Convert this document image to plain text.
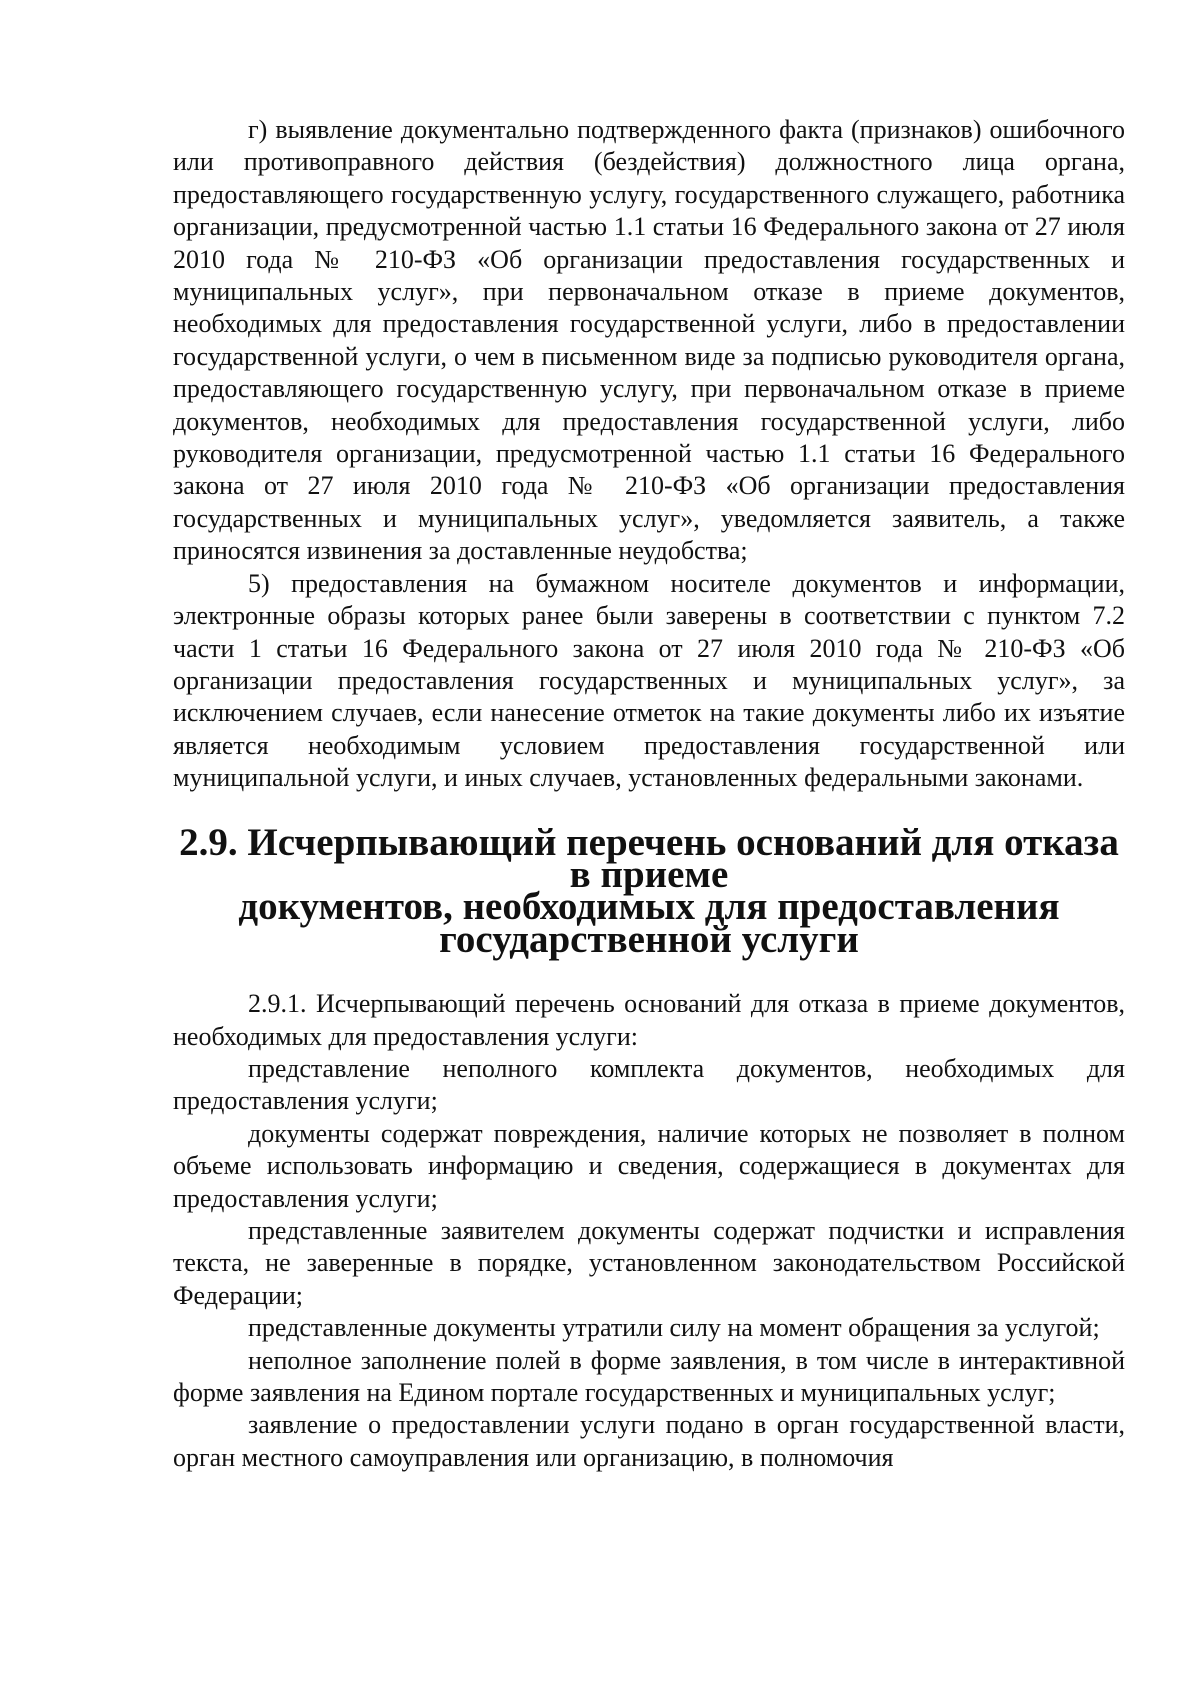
г) выявление документально подтвержденного факта (признаков) ошибочного или противоправного действия (бездействия) должностного лица органа, предоставляющего государственную услугу, государственного служащего, работника организации, предусмотренной частью 1.1 статьи 16 Федерального закона от 27 июля 2010 года № 210-ФЗ «Об организации предоставления государственных и муниципальных услуг», при первоначальном отказе в приеме документов, необходимых для предоставления государственной услуги, либо в предоставлении государственной услуги, о чем в письменном виде за подписью руководителя органа, предоставляющего государственную услугу, при первоначальном отказе в приеме документов, необходимых для предоставления государственной услуги, либо руководителя организации, предусмотренной частью 1.1 статьи 16 Федерального закона от 27 июля 2010 года № 210-ФЗ «Об организации предоставления государственных и муниципальных услуг», уведомляется заявитель, а также приносятся извинения за доставленные неудобства;

5) предоставления на бумажном носителе документов и информации, электронные образы которых ранее были заверены в соответствии с пунктом 7.2 части 1 статьи 16 Федерального закона от 27 июля 2010 года № 210-ФЗ «Об организации предоставления государственных и муниципальных услуг», за исключением случаев, если нанесение отметок на такие документы либо их изъятие является необходимым условием предоставления государственной или муниципальной услуги, и иных случаев, установленных федеральными законами.

2.9. Исчерпывающий перечень оснований для отказа в приеме
документов, необходимых для предоставления государственной услуги

2.9.1. Исчерпывающий перечень оснований для отказа в приеме документов, необходимых для предоставления услуги:

представление неполного комплекта документов, необходимых для предоставления услуги;

документы содержат повреждения, наличие которых не позволяет в полном объеме использовать информацию и сведения, содержащиеся в документах для предоставления услуги;

представленные заявителем документы содержат подчистки и исправления текста, не заверенные в порядке, установленном законодательством Российской Федерации;

представленные документы утратили силу на момент обращения за услугой;

неполное заполнение полей в форме заявления, в том числе в интерактивной форме заявления на Едином портале государственных и муниципальных услуг;

заявление о предоставлении услуги подано в орган государственной власти, орган местного самоуправления или организацию, в полномочия
